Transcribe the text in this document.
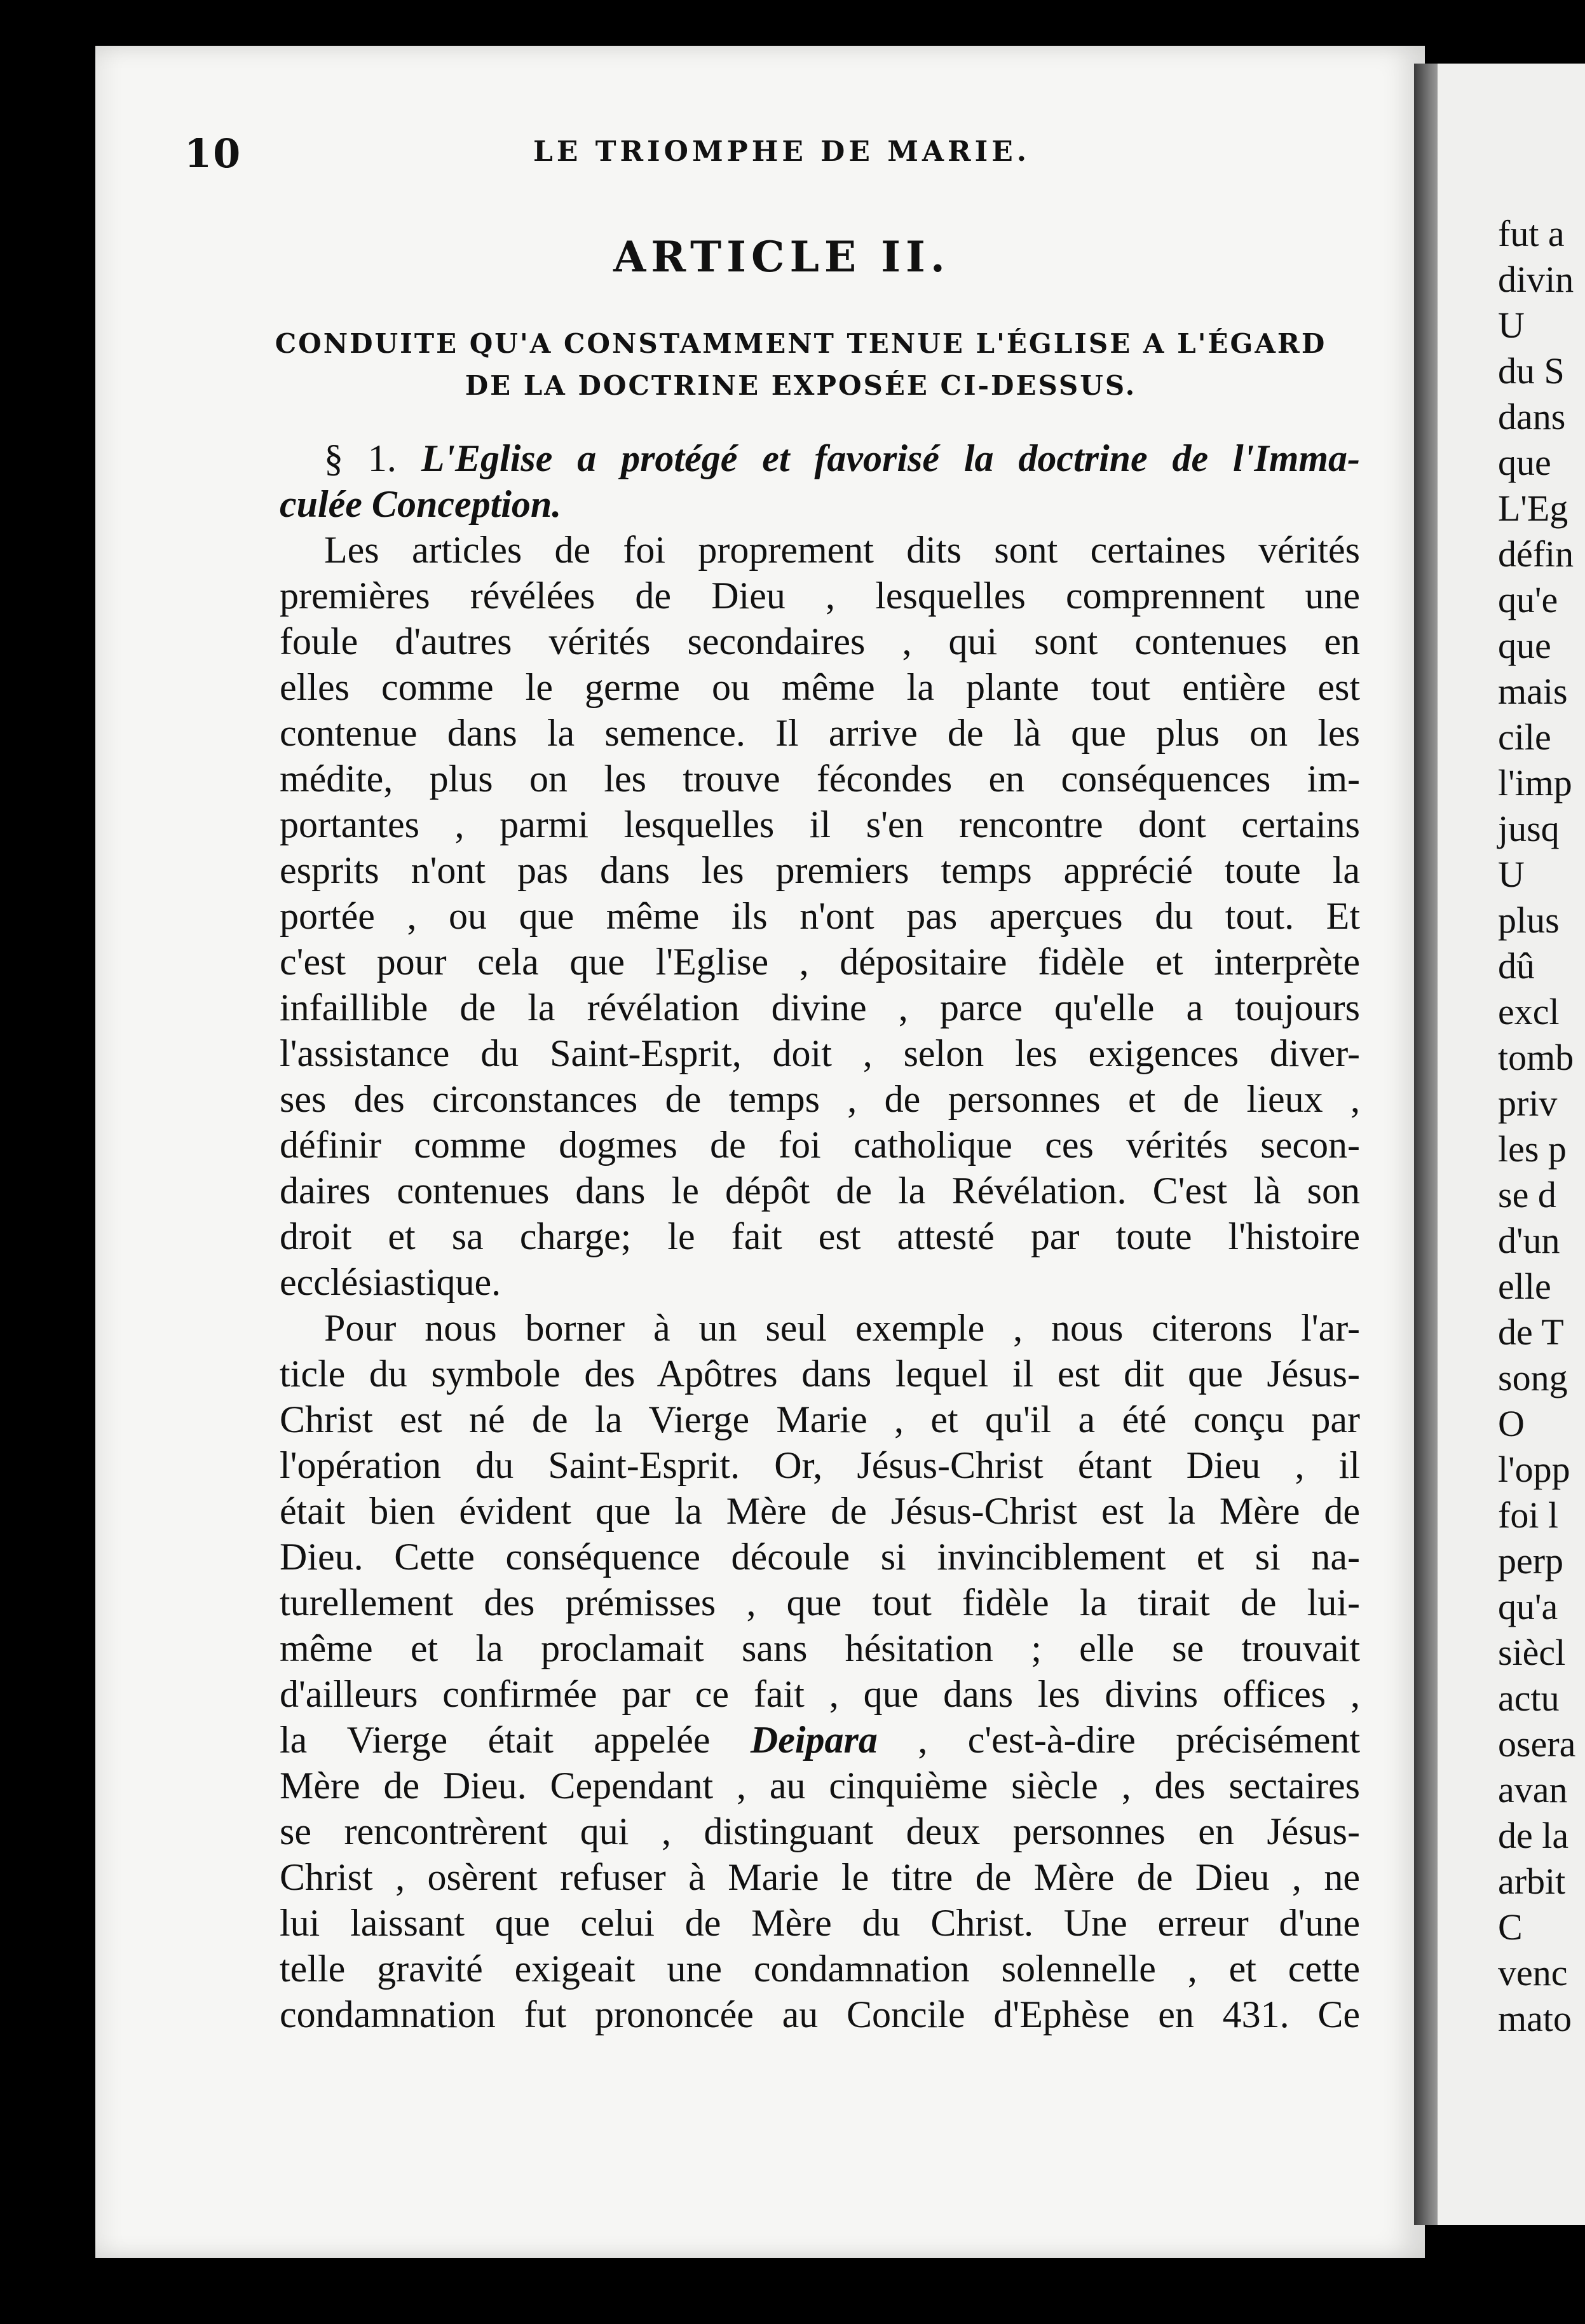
fut a
divin
U
du S
dans
que
L'Eg
défin
qu'e
que
mais
cile
l'imp
jusq
U
plus
dû
excl
tomb
priv
les p
se d
d'un
elle
de T
song
O
l'opp
foi l
perp
qu'a
siècl
actu
osera
avan
de la
arbit
C
venc
mato
10	LE TRIOMPHE DE MARIE.
ARTICLE II.
CONDUITE QU'A CONSTAMMENT TENUE L'ÉGLISE A L'ÉGARD
DE LA DOCTRINE EXPOSÉE CI-DESSUS.
§ 1. L'Eglise a protégé et favorisé la doctrine de l'Imma-
culée Conception.
Les articles de foi proprement dits sont certaines vérités
premières révélées de Dieu , lesquelles comprennent une
foule d'autres vérités secondaires , qui sont contenues en
elles comme le germe ou même la plante tout entière est
contenue dans la semence. Il arrive de là que plus on les
médite, plus on les trouve fécondes en conséquences im-
portantes , parmi lesquelles il s'en rencontre dont certains
esprits n'ont pas dans les premiers temps apprécié toute la
portée , ou que même ils n'ont pas aperçues du tout. Et
c'est pour cela que l'Eglise , dépositaire fidèle et interprète
infaillible de la révélation divine , parce qu'elle a toujours
l'assistance du Saint-Esprit, doit , selon les exigences diver-
ses des circonstances de temps , de personnes et de lieux ,
définir comme dogmes de foi catholique ces vérités secon-
daires contenues dans le dépôt de la Révélation. C'est là son
droit et sa charge; le fait est attesté par toute l'histoire
ecclésiastique.
Pour nous borner à un seul exemple , nous citerons l'ar-
ticle du symbole des Apôtres dans lequel il est dit que Jésus-
Christ est né de la Vierge Marie , et qu'il a été conçu par
l'opération du Saint-Esprit. Or, Jésus-Christ étant Dieu , il
était bien évident que la Mère de Jésus-Christ est la Mère de
Dieu. Cette conséquence découle si invinciblement et si na-
turellement des prémisses , que tout fidèle la tirait de lui-
même et la proclamait sans hésitation ; elle se trouvait
d'ailleurs confirmée par ce fait , que dans les divins offices ,
la Vierge était appelée Deipara , c'est-à-dire précisément
Mère de Dieu. Cependant , au cinquième siècle , des sectaires
se rencontrèrent qui , distinguant deux personnes en Jésus-
Christ , osèrent refuser à Marie le titre de Mère de Dieu , ne
lui laissant que celui de Mère du Christ. Une erreur d'une
telle gravité exigeait une condamnation solennelle , et cette
condamnation fut prononcée au Concile d'Ephèse en 431. Ce
